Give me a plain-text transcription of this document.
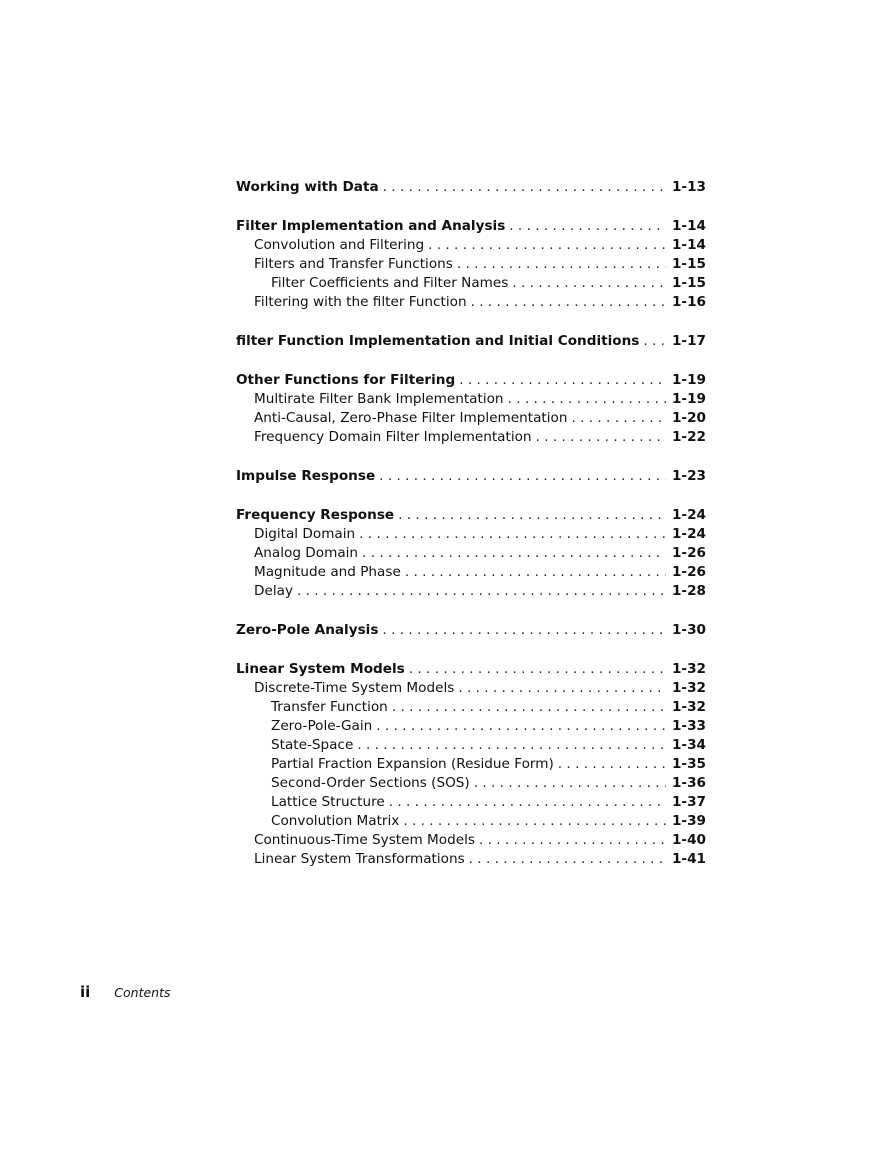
Working with Data . . .	1-13
Filter Implementation and Analysis . . .	1-14
Convolution and Filtering . . .	1-14
Filters and Transfer Functions . . .	1-15
Filter Coefficients and Filter Names . . .	1-15
Filtering with the filter Function . . .	1-16
filter Function Implementation and Initial Conditions . . .	1-17
Other Functions for Filtering . . .	1-19
Multirate Filter Bank Implementation . . .	1-19
Anti-Causal, Zero-Phase Filter Implementation . . .	1-20
Frequency Domain Filter Implementation . . .	1-22
Impulse Response . . .	1-23
Frequency Response . . .	1-24
Digital Domain . . .	1-24
Analog Domain . . .	1-26
Magnitude and Phase . . .	1-26
Delay . . .	1-28
Zero-Pole Analysis . . .	1-30
Linear System Models . . .	1-32
Discrete-Time System Models . . .	1-32
Transfer Function . . .	1-32
Zero-Pole-Gain . . .	1-33
State-Space . . .	1-34
Partial Fraction Expansion (Residue Form) . . .	1-35
Second-Order Sections (SOS) . . .	1-36
Lattice Structure . . .	1-37
Convolution Matrix . . .	1-39
Continuous-Time System Models . . .	1-40
Linear System Transformations . . .	1-41
ii Contents
